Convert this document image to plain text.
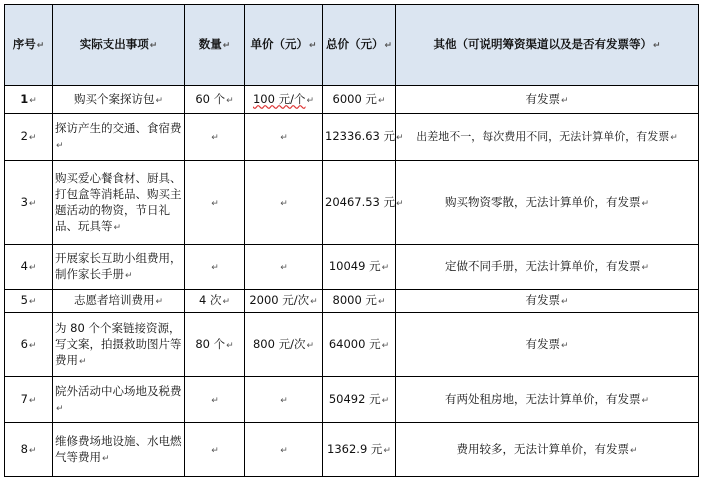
序号↵	实际支出事项↵	数量↵	单价（元）↵	总价（元）↵	其他（可说明筹资渠道以及是否有发票等）↵
1↵	购买个案探访包↵	60 个↵	100 元/个↵	6000 元↵	有发票↵
2↵	探访产生的交通、食宿费↵	↵	↵	12336.63 元↵	出差地不一，每次费用不同，无法计算单价，有发票↵
3↵	购买爱心餐食材、厨具、打包盒等消耗品、购买主题活动的物资，节日礼品、玩具等↵	↵	↵	20467.53 元↵	购买物资零散，无法计算单价，有发票↵
4↵	开展家长互助小组费用，制作家长手册↵	↵	↵	10049 元↵	定做不同手册，无法计算单价，有发票↵
5↵	志愿者培训费用↵	4 次↵	2000 元/次↵	8000 元↵	有发票↵
6↵	为 80 个个案链接资源，写文案，拍摄救助图片等费用↵	80 个↵	800 元/次↵	64000 元↵	有发票↵
7↵	院外活动中心场地及税费↵	↵	↵	50492 元↵	有两处租房地，无法计算单价，有发票↵
8↵	维修费场地设施、水电燃气等费用↵	↵	↵	1362.9 元↵	费用较多，无法计算单价，有发票↵
